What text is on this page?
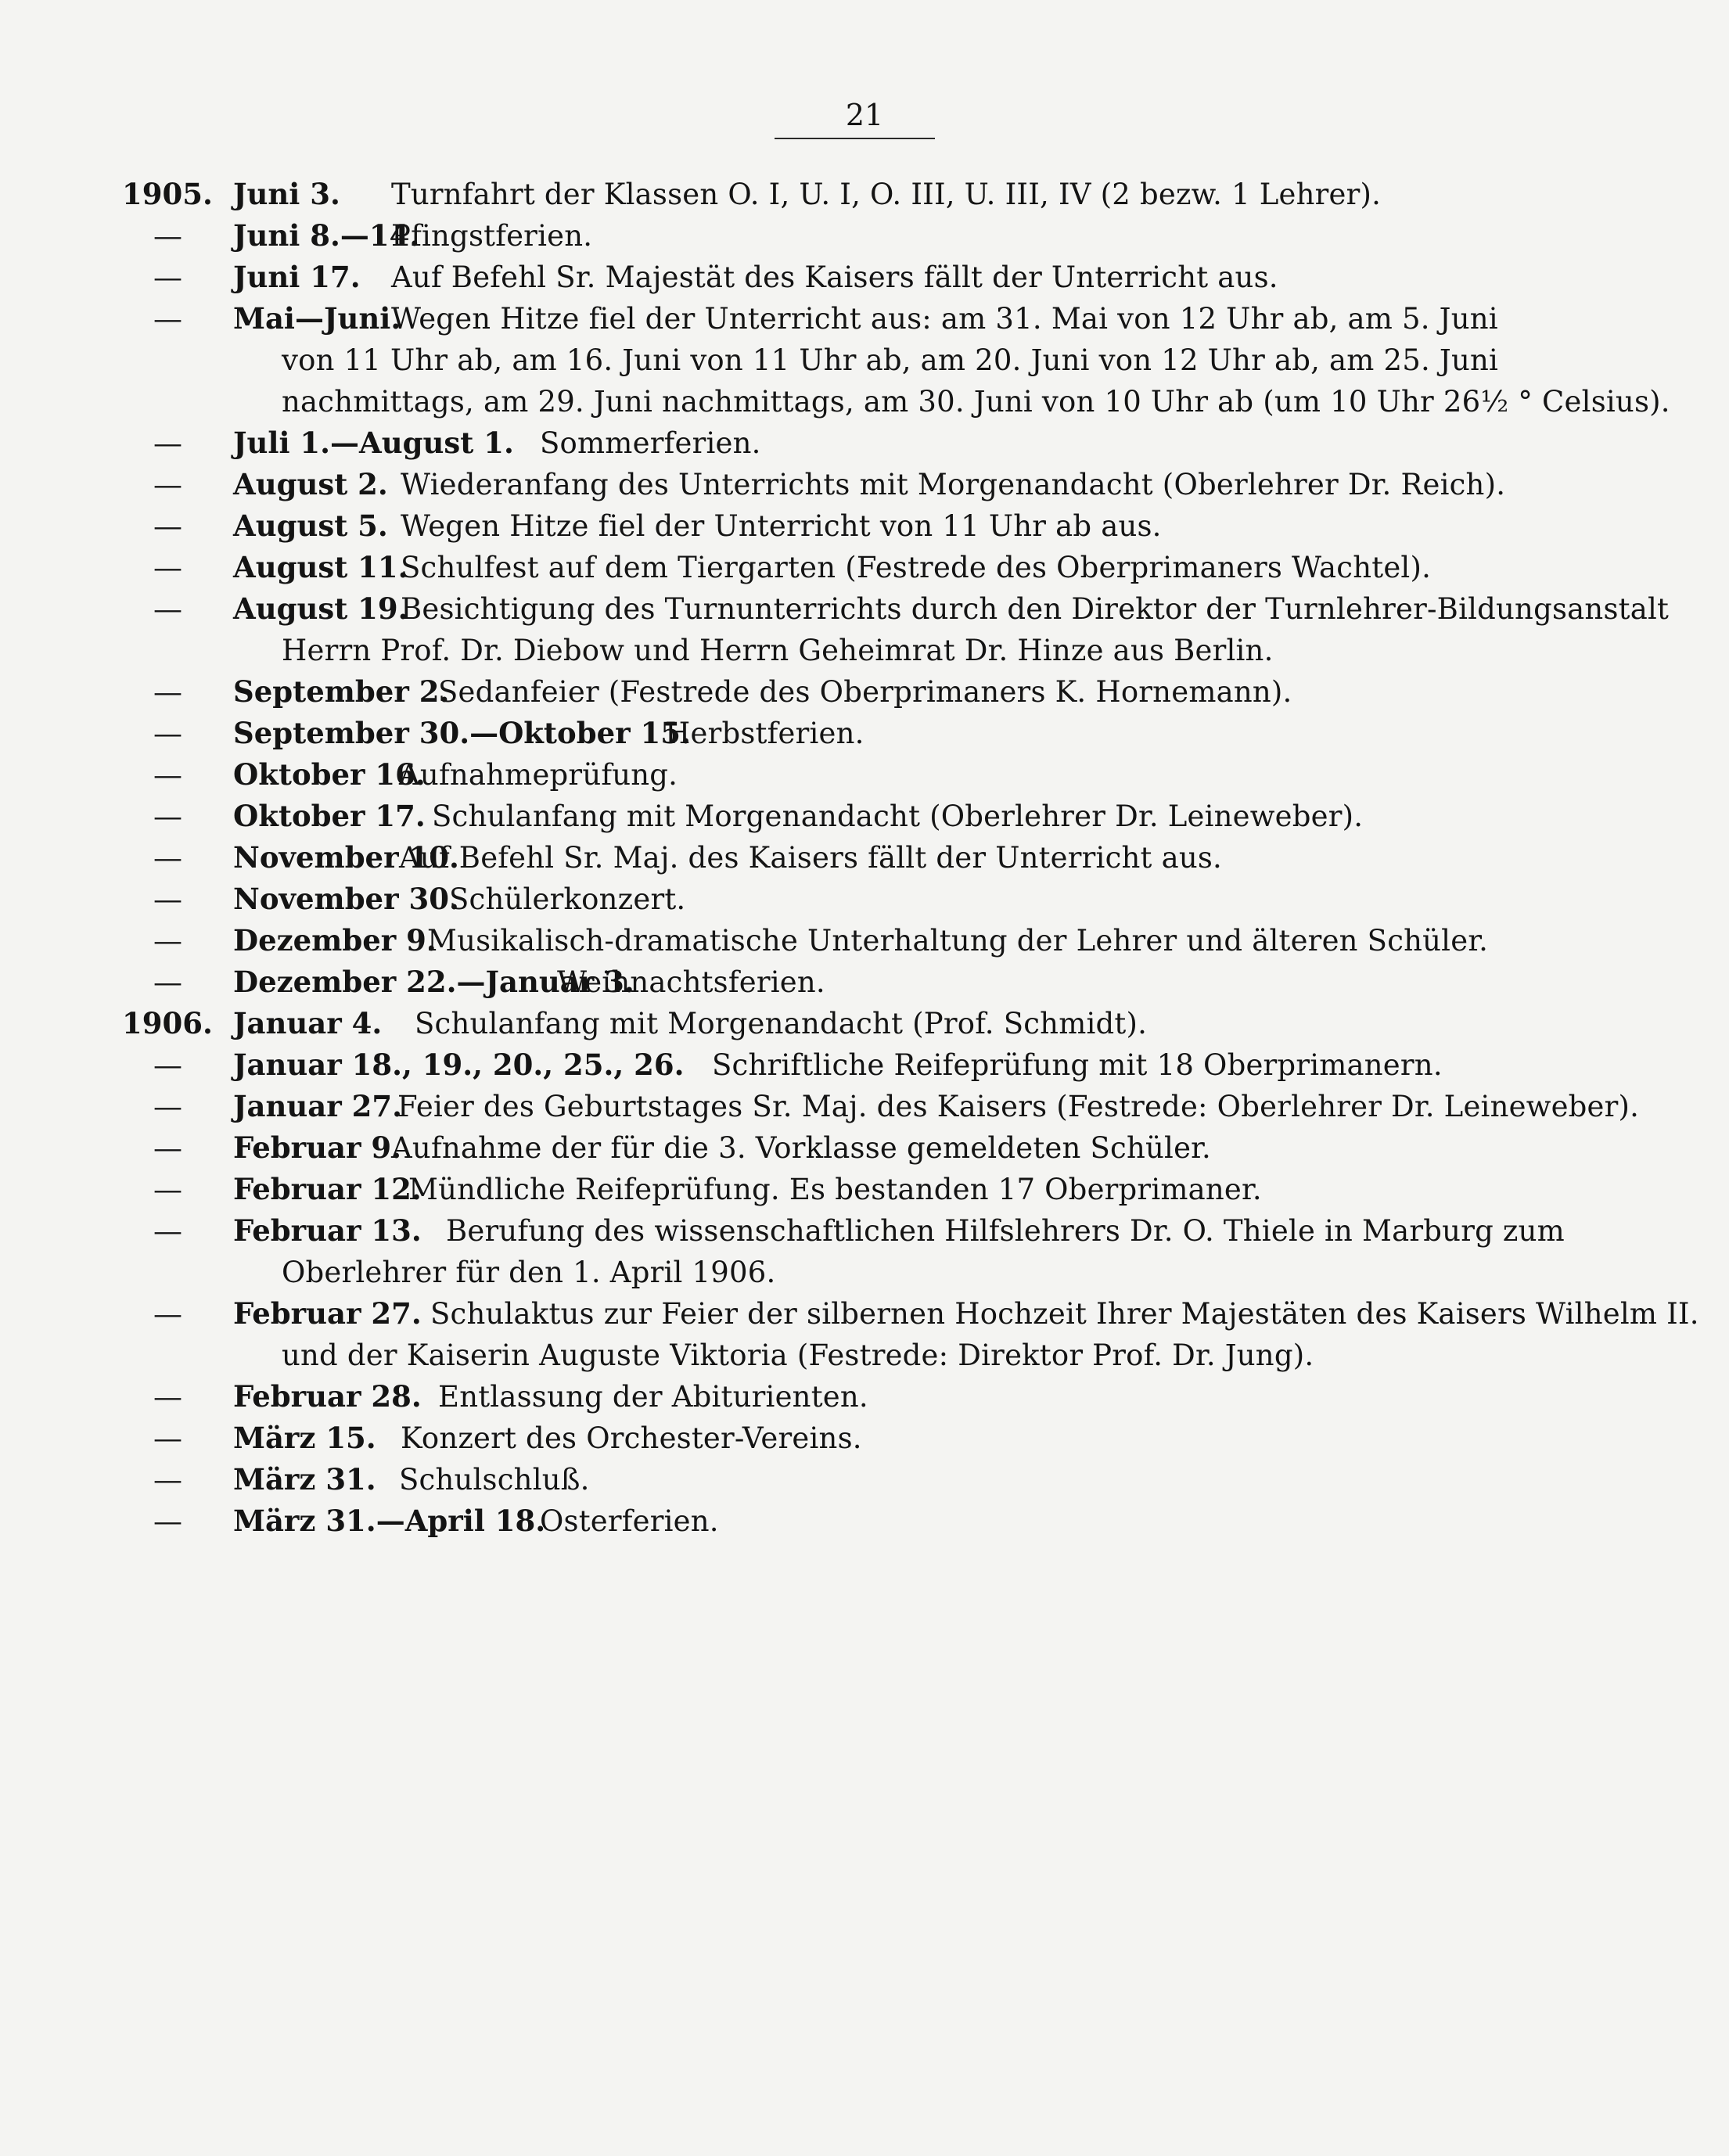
21
1905. Juni 3. Turnfahrt der Klassen O. I, U. I, O. III, U. III, IV (2 bezw. 1 Lehrer).
—	Juni 8.—14.
Pfingstferien.
—	Juni 17. Auf Befehl Sr. Majestät des Kaisers fällt der Unterricht aus.
—	Mai—Juni.
Wegen Hitze fiel der Unterricht aus: am 31. Mai von 12 Uhr ab, am 5. Juni
von 11 Uhr ab, am 16. Juni von 11 Uhr ab, am 20. Juni von 12 Uhr ab, am 25. Juni
nachmittags, am 29. Juni nachmittags, am 30. Juni von 10 Uhr ab (um 10 Uhr 26½ ° Celsius).
—	Juli 1.—August 1. Sommerferien.
—	August 2. Wiederanfang des Unterrichts mit Morgenandacht (Oberlehrer Dr. Reich).
—	August 5. Wegen Hitze fiel der Unterricht von 11 Uhr ab aus.
—	August 11.
Schulfest auf dem Tiergarten (Festrede des Oberprimaners Wachtel).
—	August 19.
Besichtigung des Turnunterrichts durch den Direktor der Turnlehrer-Bildungsanstalt
Herrn Prof. Dr. Diebow und Herrn Geheimrat Dr. Hinze aus Berlin.
—	September 2.
Sedanfeier (Festrede des Oberprimaners K. Hornemann).
—	September 30.—Oktober 15.
Herbstferien.
—	Oktober 16.
Aufnahmeprüfung.
—	Oktober 17. Schulanfang mit Morgenandacht (Oberlehrer Dr. Leineweber).
—	November 10.
Auf Befehl Sr. Maj. des Kaisers fällt der Unterricht aus.
—	November 30.
Schülerkonzert.
—	Dezember 9.
Musikalisch-dramatische Unterhaltung der Lehrer und älteren Schüler.
—	Dezember 22.—Januar 3.
Weihnachtsferien.
1906. Januar 4. Schulanfang mit Morgenandacht (Prof. Schmidt).
—	Januar 18., 19., 20., 25., 26. Schriftliche Reifeprüfung mit 18 Oberprimanern.
—	Januar 27.
Feier des Geburtstages Sr. Maj. des Kaisers (Festrede: Oberlehrer Dr. Leineweber).
—	Februar 9.
Aufnahme der für die 3. Vorklasse gemeldeten Schüler.
—	Februar 12.
Mündliche Reifeprüfung. Es bestanden 17 Oberprimaner.
—	Februar 13. Berufung des wissenschaftlichen Hilfslehrers Dr. O. Thiele in Marburg zum
Oberlehrer für den 1. April 1906.
—	Februar 27. Schulaktus zur Feier der silbernen Hochzeit Ihrer Majestäten des Kaisers Wilhelm II.
und der Kaiserin Auguste Viktoria (Festrede: Direktor Prof. Dr. Jung).
—	Februar 28. Entlassung der Abiturienten.
—	März 15. Konzert des Orchester-Vereins.
—	März 31. Schulschluß.
—	März 31.—April 18.
Osterferien.
